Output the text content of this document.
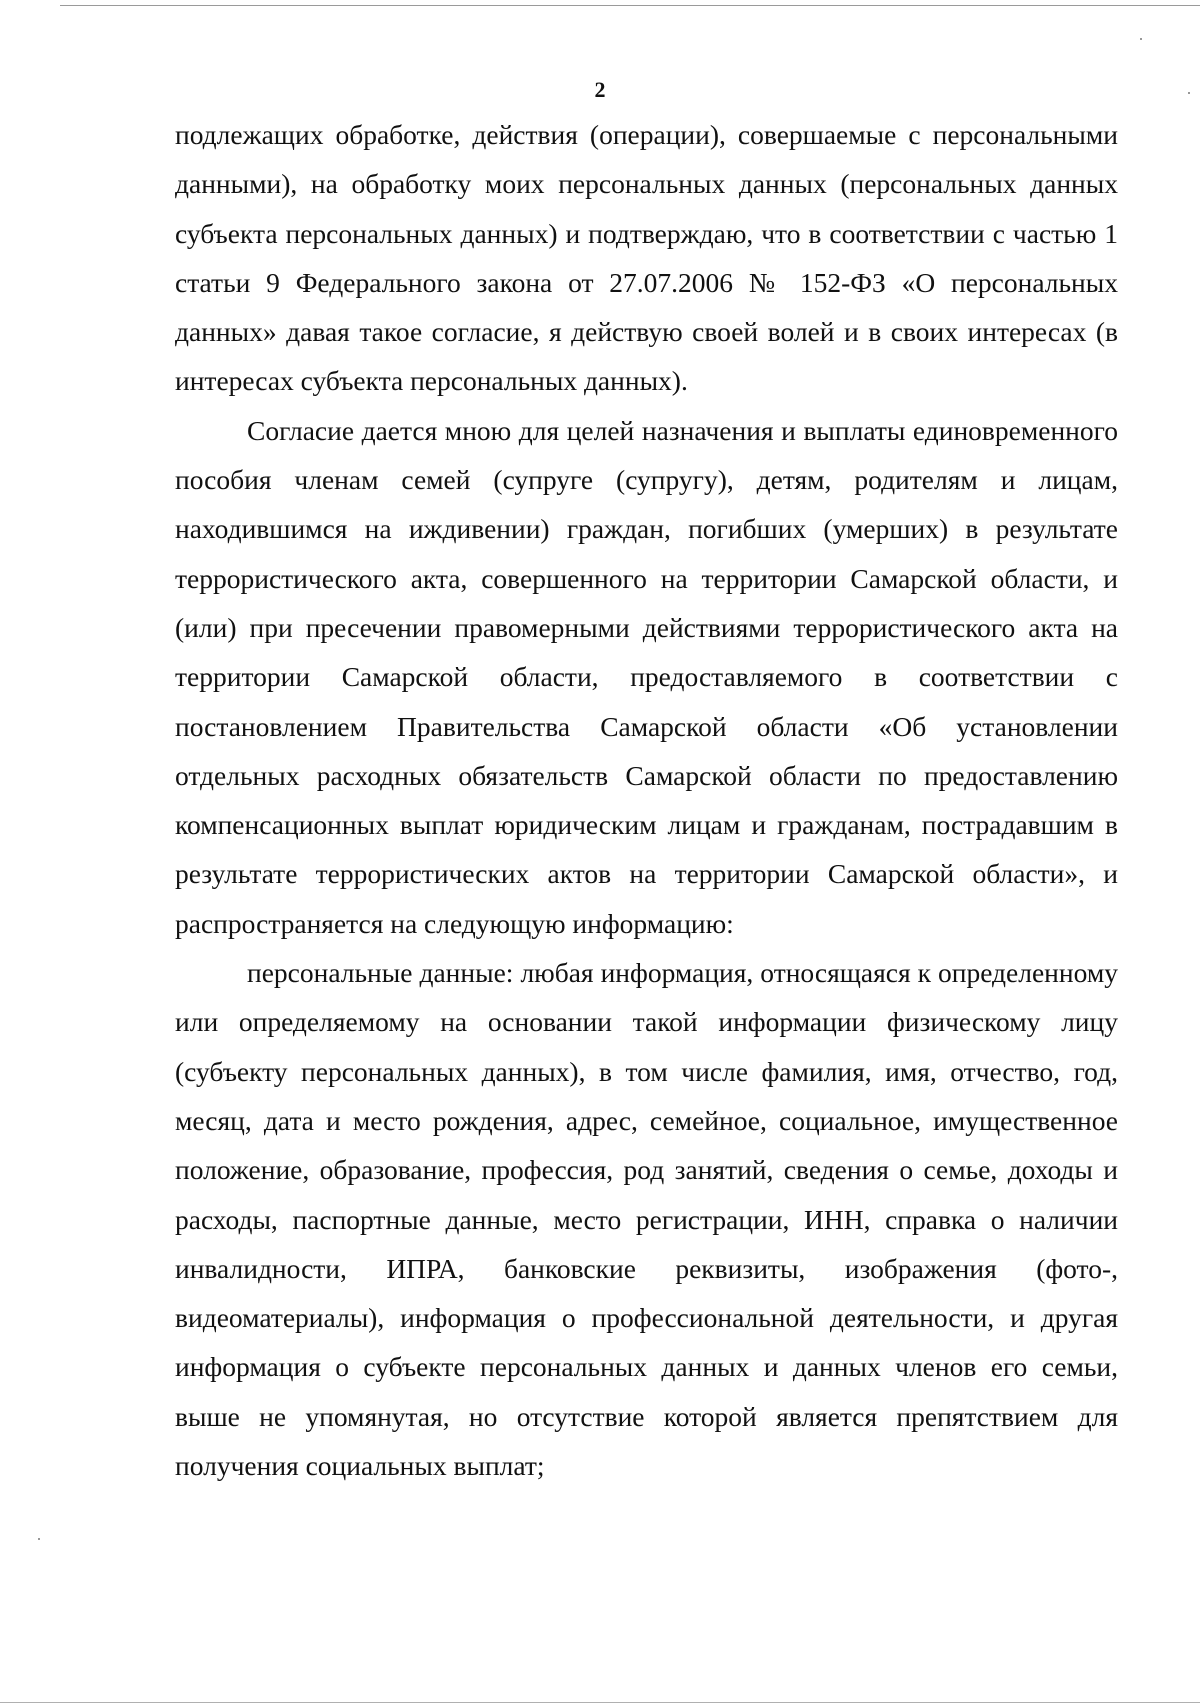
2

подлежащих обработке, действия (операции), совершаемые с персональными данными), на обработку моих персональных данных (персональных данных субъекта персональных данных) и подтверждаю, что в соответствии с частью 1 статьи 9 Федерального закона от 27.07.2006 № 152-ФЗ «О персональных данных» давая такое согласие, я действую своей волей и в своих интересах (в интересах субъекта персональных данных).

Согласие дается мною для целей назначения и выплаты единовременного пособия членам семей (супруге (супругу), детям, родителям и лицам, находившимся на иждивении) граждан, погибших (умерших) в результате террористического акта, совершенного на территории Самарской области, и (или) при пресечении правомерными действиями террористического акта на территории Самарской области, предоставляемого в соответствии с постановлением Правительства Самарской области «Об установлении отдельных расходных обязательств Самарской области по предоставлению компенсационных выплат юридическим лицам и гражданам, пострадавшим в результате террористических актов на территории Самарской области», и распространяется на следующую информацию:

персональные данные: любая информация, относящаяся к определенному или определяемому на основании такой информации физическому лицу (субъекту персональных данных), в том числе фамилия, имя, отчество, год, месяц, дата и место рождения, адрес, семейное, социальное, имущественное положение, образование, профессия, род занятий, сведения о семье, доходы и расходы, паспортные данные, место регистрации, ИНН, справка о наличии инвалидности, ИПРА, банковские реквизиты, изображения (фото-, видеоматериалы), информация о профессиональной деятельности, и другая информация о субъекте персональных данных и данных членов его семьи, выше не упомянутая, но отсутствие которой является препятствием для получения социальных выплат;
